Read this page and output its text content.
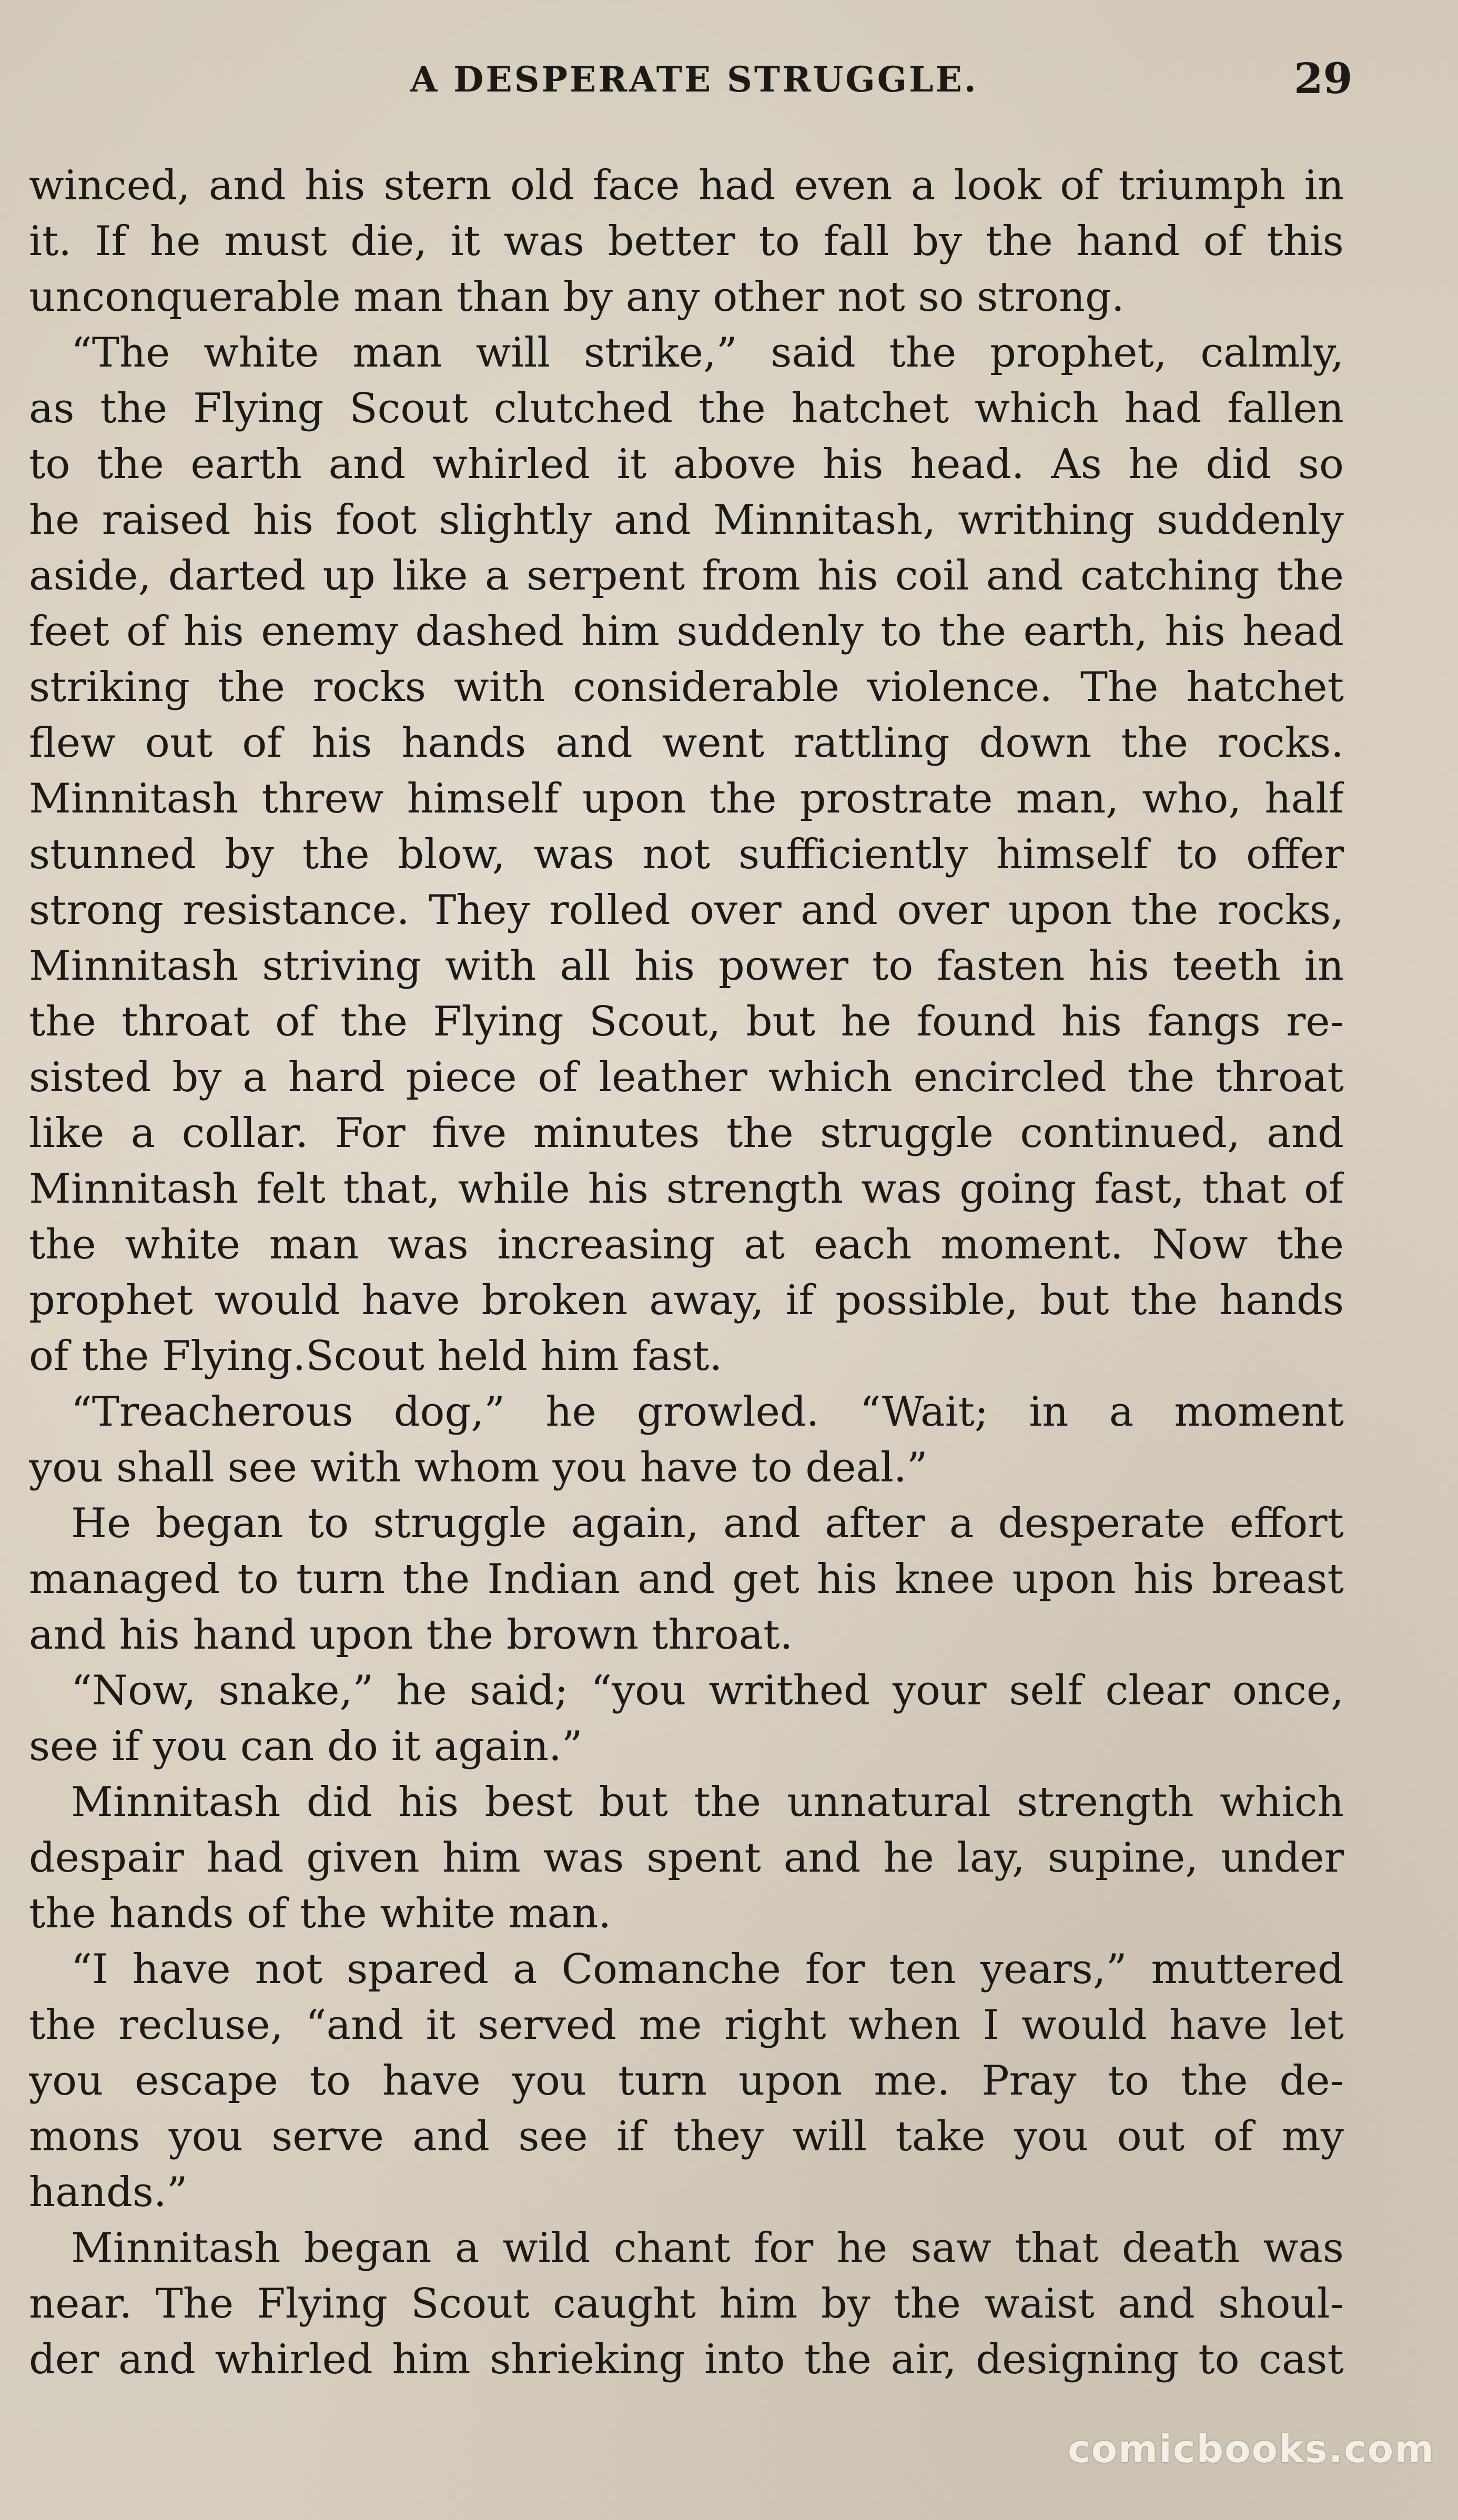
A DESPERATE STRUGGLE.	29
winced, and his stern old face had even a look of triumph in
it. If he must die, it was better to fall by the hand of this
unconquerable man than by any other not so strong.
“The white man will strike,” said the prophet, calmly,
as the Flying Scout clutched the hatchet which had fallen
to the earth and whirled it above his head. As he did so
he raised his foot slightly and Minnitash, writhing suddenly
aside, darted up like a serpent from his coil and catching the
feet of his enemy dashed him suddenly to the earth, his head
striking the rocks with considerable violence. The hatchet
flew out of his hands and went rattling down the rocks.
Minnitash threw himself upon the prostrate man, who, half
stunned by the blow, was not sufficiently himself to offer
strong resistance. They rolled over and over upon the rocks,
Minnitash striving with all his power to fasten his teeth in
the throat of the Flying Scout, but he found his fangs re-
sisted by a hard piece of leather which encircled the throat
like a collar. For five minutes the struggle continued, and
Minnitash felt that, while his strength was going fast, that of
the white man was increasing at each moment. Now the
prophet would have broken away, if possible, but the hands
of the Flying.Scout held him fast.
“Treacherous dog,” he growled. “Wait; in a moment
you shall see with whom you have to deal.”
He began to struggle again, and after a desperate effort
managed to turn the Indian and get his knee upon his breast
and his hand upon the brown throat.
“Now, snake,” he said; “you writhed your self clear once,
see if you can do it again.”
Minnitash did his best but the unnatural strength which
despair had given him was spent and he lay, supine, under
the hands of the white man.
“I have not spared a Comanche for ten years,” muttered
the recluse, “and it served me right when I would have let
you escape to have you turn upon me. Pray to the de-
mons you serve and see if they will take you out of my
hands.”
Minnitash began a wild chant for he saw that death was
near. The Flying Scout caught him by the waist and shoul-
der and whirled him shrieking into the air, designing to cast
comicbooks.com
